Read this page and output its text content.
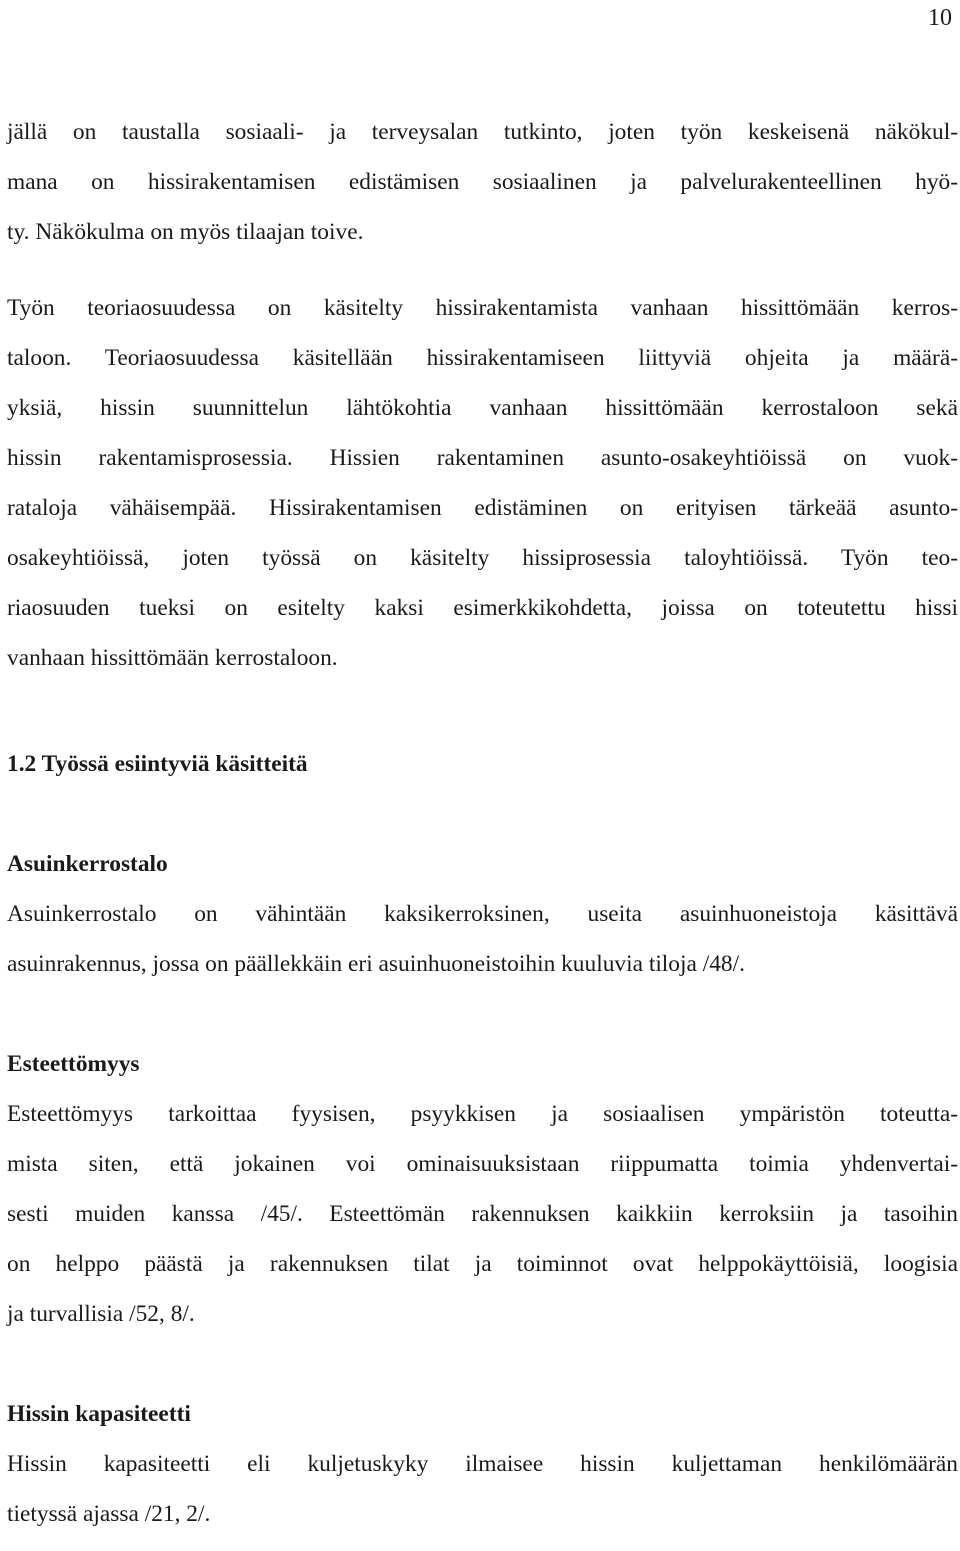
10
jällä on taustalla sosiaali- ja terveysalan tutkinto, joten työn keskeisenä näkökul-
mana on hissirakentamisen edistämisen sosiaalinen ja palvelurakenteellinen hyö-
ty. Näkökulma on myös tilaajan toive.
Työn teoriaosuudessa on käsitelty hissirakentamista vanhaan hissittömään kerros-
taloon. Teoriaosuudessa käsitellään hissirakentamiseen liittyviä ohjeita ja määrä-
yksiä, hissin suunnittelun lähtökohtia vanhaan hissittömään kerrostaloon sekä
hissin rakentamisprosessia. Hissien rakentaminen asunto-osakeyhtiöissä on vuok-
rataloja vähäisempää. Hissirakentamisen edistäminen on erityisen tärkeää asunto-
osakeyhtiöissä, joten työssä on käsitelty hissiprosessia taloyhtiöissä. Työn teo-
riaosuuden tueksi on esitelty kaksi esimerkkikohdetta, joissa on toteutettu hissi
vanhaan hissittömään kerrostaloon.
1.2 Työssä esiintyviä käsitteitä
Asuinkerrostalo
Asuinkerrostalo on vähintään kaksikerroksinen, useita asuinhuoneistoja käsittävä
asuinrakennus, jossa on päällekkäin eri asuinhuoneistoihin kuuluvia tiloja /48/.
Esteettömyys
Esteettömyys tarkoittaa fyysisen, psyykkisen ja sosiaalisen ympäristön toteutta-
mista siten, että jokainen voi ominaisuuksistaan riippumatta toimia yhdenvertai-
sesti muiden kanssa /45/. Esteettömän rakennuksen kaikkiin kerroksiin ja tasoihin
on helppo päästä ja rakennuksen tilat ja toiminnot ovat helppokäyttöisiä, loogisia
ja turvallisia /52, 8/.
Hissin kapasiteetti
Hissin kapasiteetti eli kuljetuskyky ilmaisee hissin kuljettaman henkilömäärän
tietyssä ajassa /21, 2/.
